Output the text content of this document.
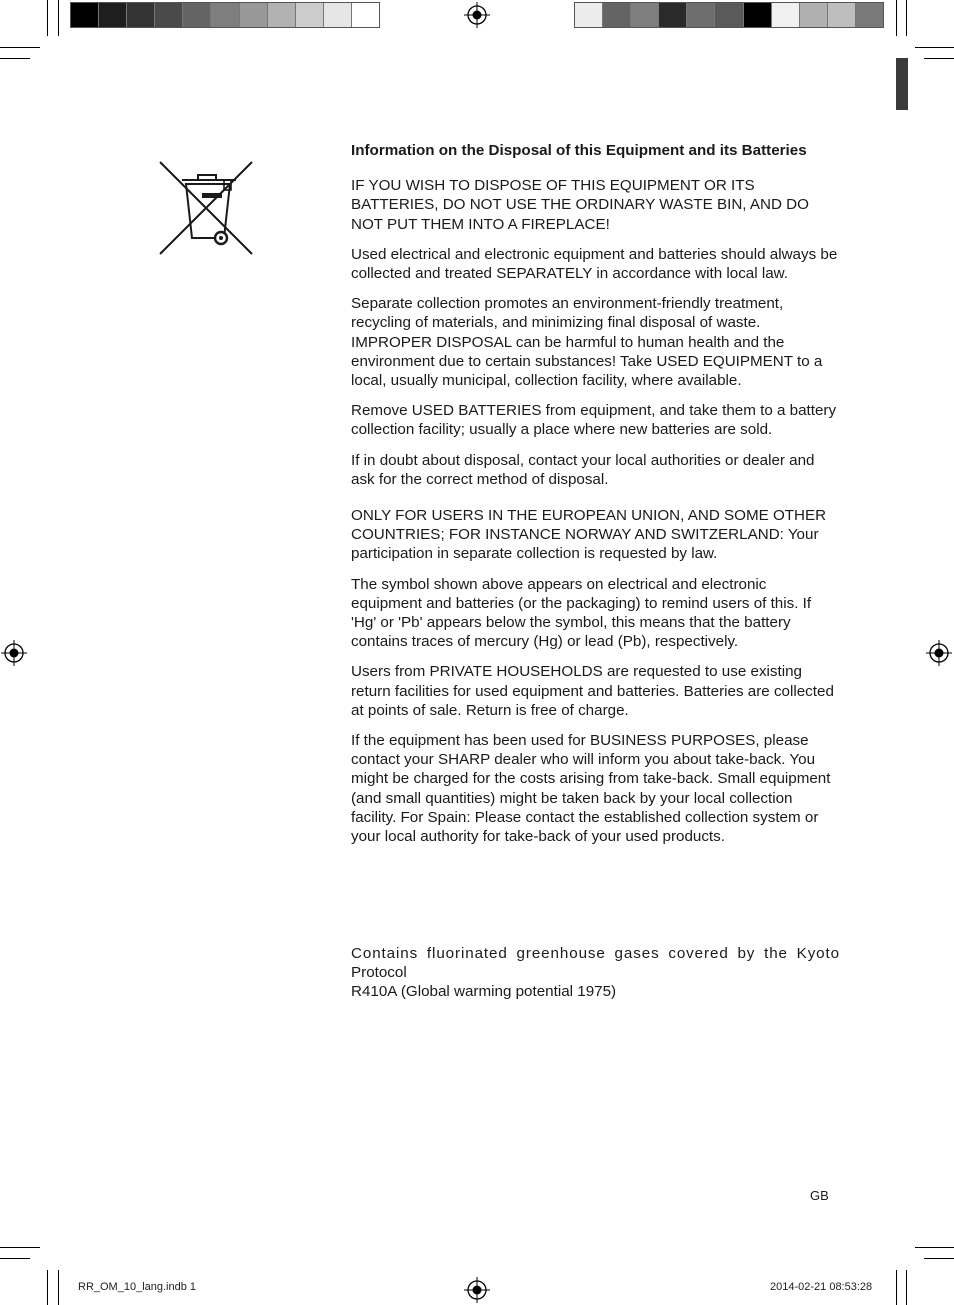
Information on the Disposal of this Equipment and its Batteries

IF YOU WISH TO DISPOSE OF THIS EQUIPMENT OR ITS BATTERIES, DO NOT USE THE ORDINARY WASTE BIN, AND DO NOT PUT THEM INTO A FIREPLACE!

Used electrical and electronic equipment and batteries should always be collected and treated SEPARATELY in accordance with local law.

Separate collection promotes an environment-friendly treatment, recycling of materials, and minimizing final disposal of waste. IMPROPER DISPOSAL can be harmful to human health and the environment due to certain substances! Take USED EQUIPMENT to a local, usually municipal, collection facility, where available.

Remove USED BATTERIES from equipment, and take them to a battery collection facility; usually a place where new batteries are sold.

If in doubt about disposal, contact your local authorities or dealer and ask for the correct method of disposal.

ONLY FOR USERS IN THE EUROPEAN UNION, AND SOME OTHER COUNTRIES; FOR INSTANCE NORWAY AND SWITZERLAND: Your participation in separate collection is requested by law.

The symbol shown above appears on electrical and electronic equipment and batteries (or the packaging) to remind users of this. If 'Hg' or 'Pb' appears below the symbol, this means that the battery contains traces of mercury (Hg) or lead (Pb), respectively.

Users from PRIVATE HOUSEHOLDS are requested to use existing return facilities for used equipment and batteries. Batteries are collected at points of sale. Return is free of charge.

If the equipment has been used for BUSINESS PURPOSES, please contact your SHARP dealer who will inform you about take-back. You might be charged for the costs arising from take-back. Small equipment (and small quantities) might be taken back by your local collection facility. For Spain: Please contact the established collection system or your local authority for take-back of your used products.

Contains fluorinated greenhouse gases covered by the Kyoto
Protocol
R410A (Global warming potential 1975)
GB
RR_OM_10_lang.indb 1	2014-02-21 08:53:28
